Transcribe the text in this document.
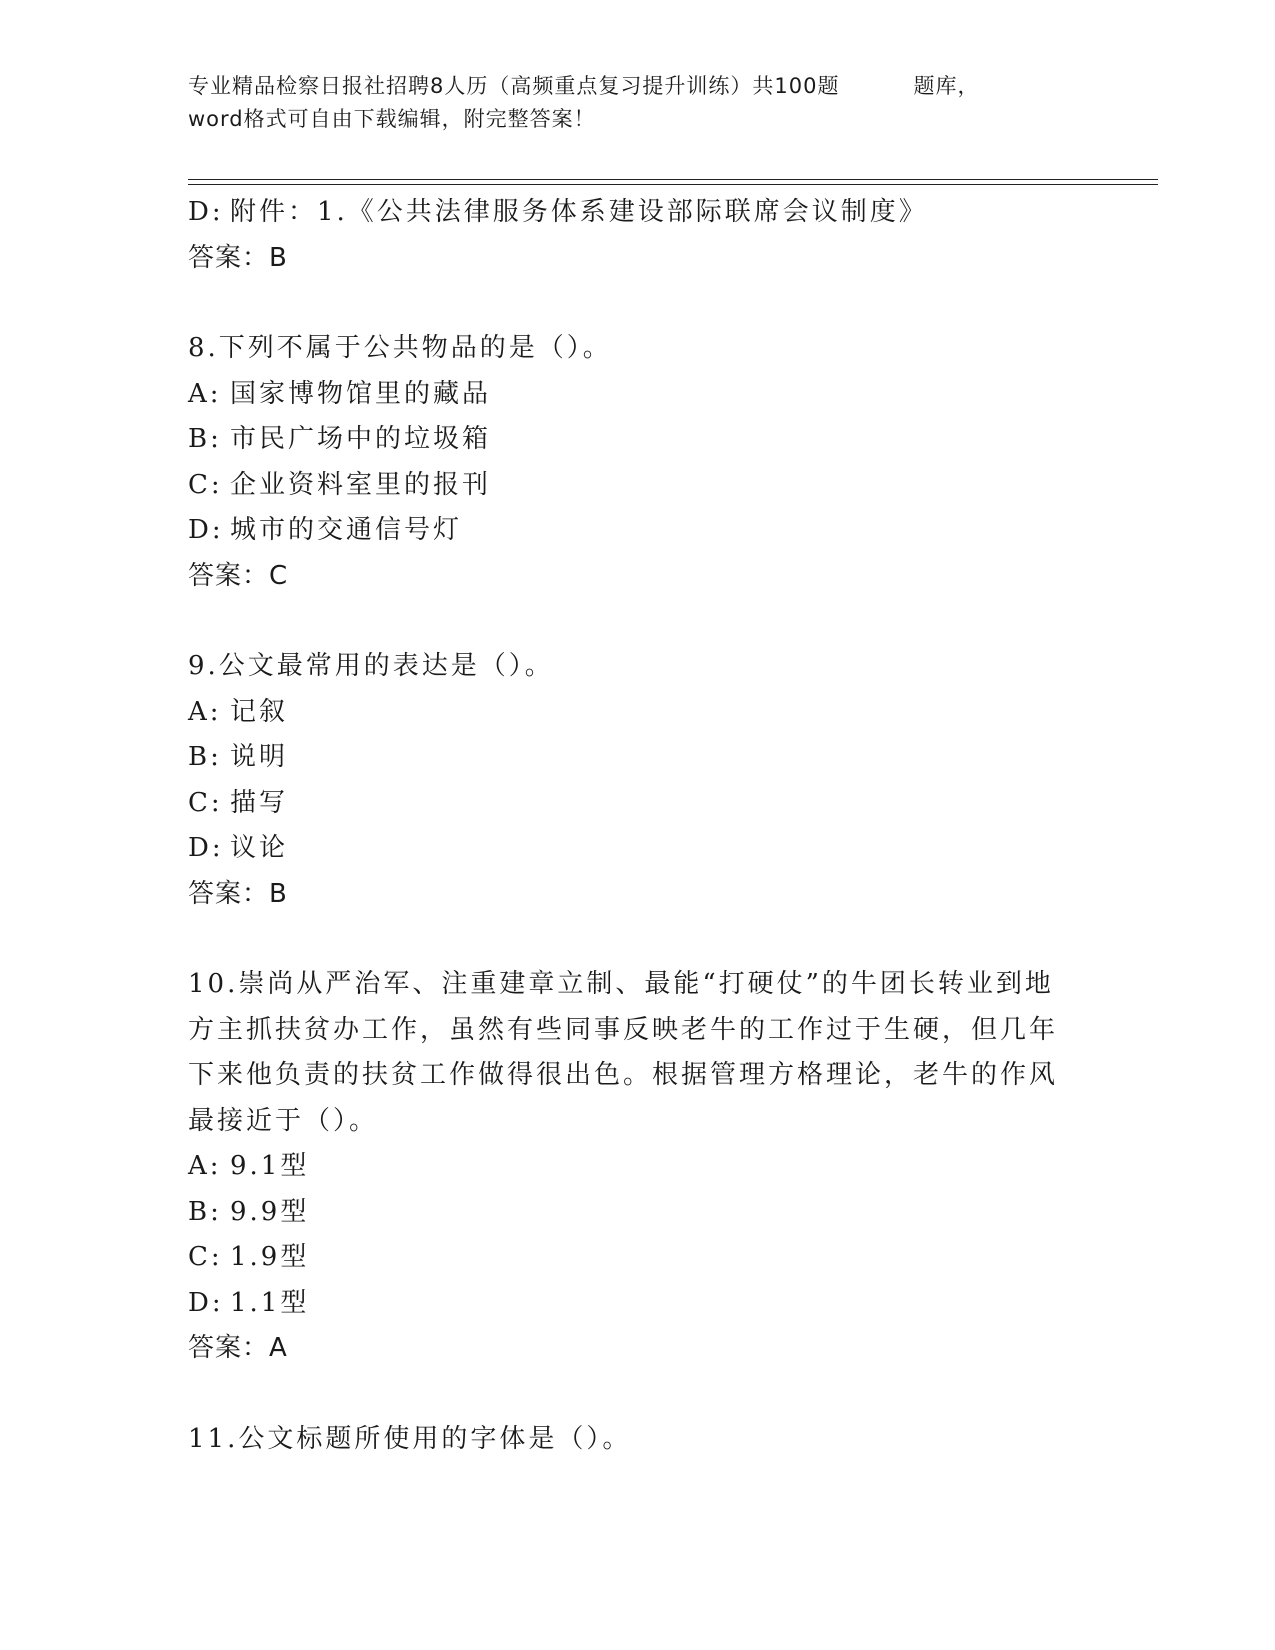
专业精品检察日报社招聘8人历（高频重点复习提升训练）共100题	题库，
word格式可自由下载编辑，附完整答案！
D: 附件：1.《公共法律服务体系建设部际联席会议制度》
答案：B
8.下列不属于公共物品的是（）。
A: 国家博物馆里的藏品
B: 市民广场中的垃圾箱
C: 企业资料室里的报刊
D: 城市的交通信号灯
答案：C
9.公文最常用的表达是（）。
A: 记叙
B: 说明
C: 描写
D: 议论
答案：B
10.崇尚从严治军、注重建章立制、最能“打硬仗”的牛团长转业到地
方主抓扶贫办工作，虽然有些同事反映老牛的工作过于生硬，但几年
下来他负责的扶贫工作做得很出色。根据管理方格理论，老牛的作风
最接近于（）。
A: 9.1型
B: 9.9型
C: 1.9型
D: 1.1型
答案：A
11.公文标题所使用的字体是（）。
